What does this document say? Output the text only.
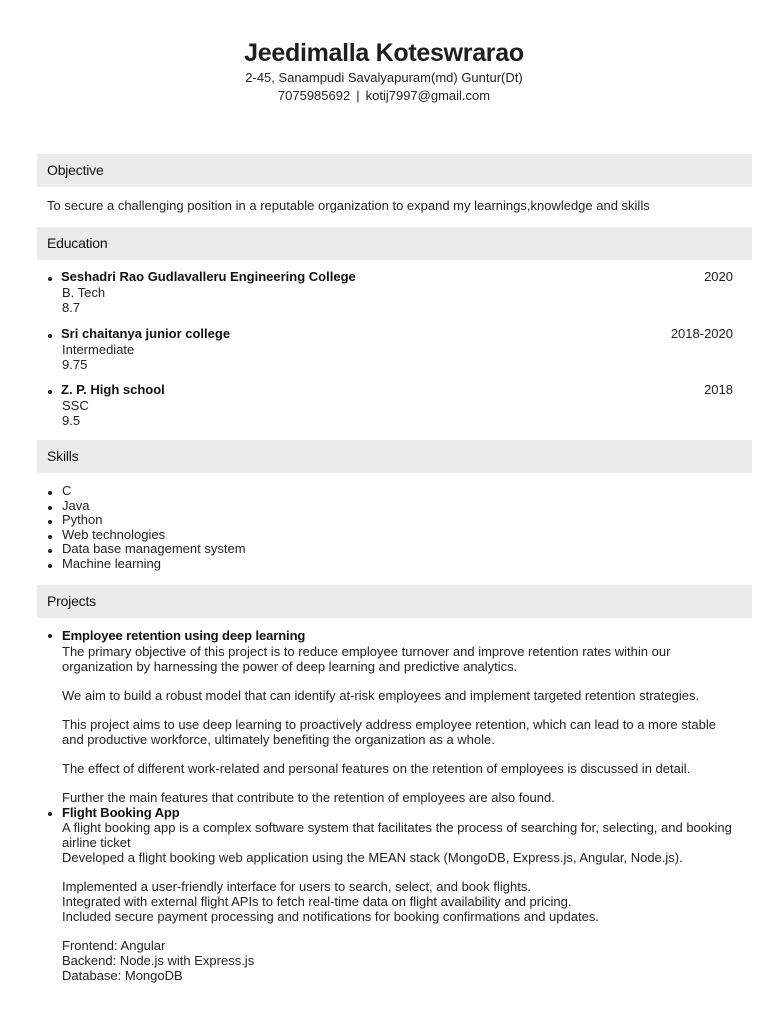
Jeedimalla Koteswrarao
2-45, Sanampudi Savalyapuram(md) Guntur(Dt)
7075985692 | kotij7997@gmail.com
Objective
To secure a challenging position in a reputable organization to expand my learnings,knowledge and skills
Education
Seshadri Rao Gudlavalleru Engineering College	2020
B. Tech
8.7
Sri chaitanya junior college	2018-2020
Intermediate
9.75
Z. P. High school	2018
SSC
9.5
Skills
C
Java
Python
Web technologies
Data base management system
Machine learning
Projects
Employee retention using deep learning
The primary objective of this project is to reduce employee turnover and improve retention rates within our organization by harnessing the power of deep learning and predictive analytics.
We aim to build a robust model that can identify at-risk employees and implement targeted retention strategies.
This project aims to use deep learning to proactively address employee retention, which can lead to a more stable and productive workforce, ultimately benefiting the organization as a whole.
The effect of different work-related and personal features on the retention of employees is discussed in detail.
Further the main features that contribute to the retention of employees are also found.
Flight Booking App
A flight booking app is a complex software system that facilitates the process of searching for, selecting, and booking airline ticket
Developed a flight booking web application using the MEAN stack (MongoDB, Express.js, Angular, Node.js).
Implemented a user-friendly interface for users to search, select, and book flights.
Integrated with external flight APIs to fetch real-time data on flight availability and pricing.
Included secure payment processing and notifications for booking confirmations and updates.
Frontend: Angular
Backend: Node.js with Express.js
Database: MongoDB
